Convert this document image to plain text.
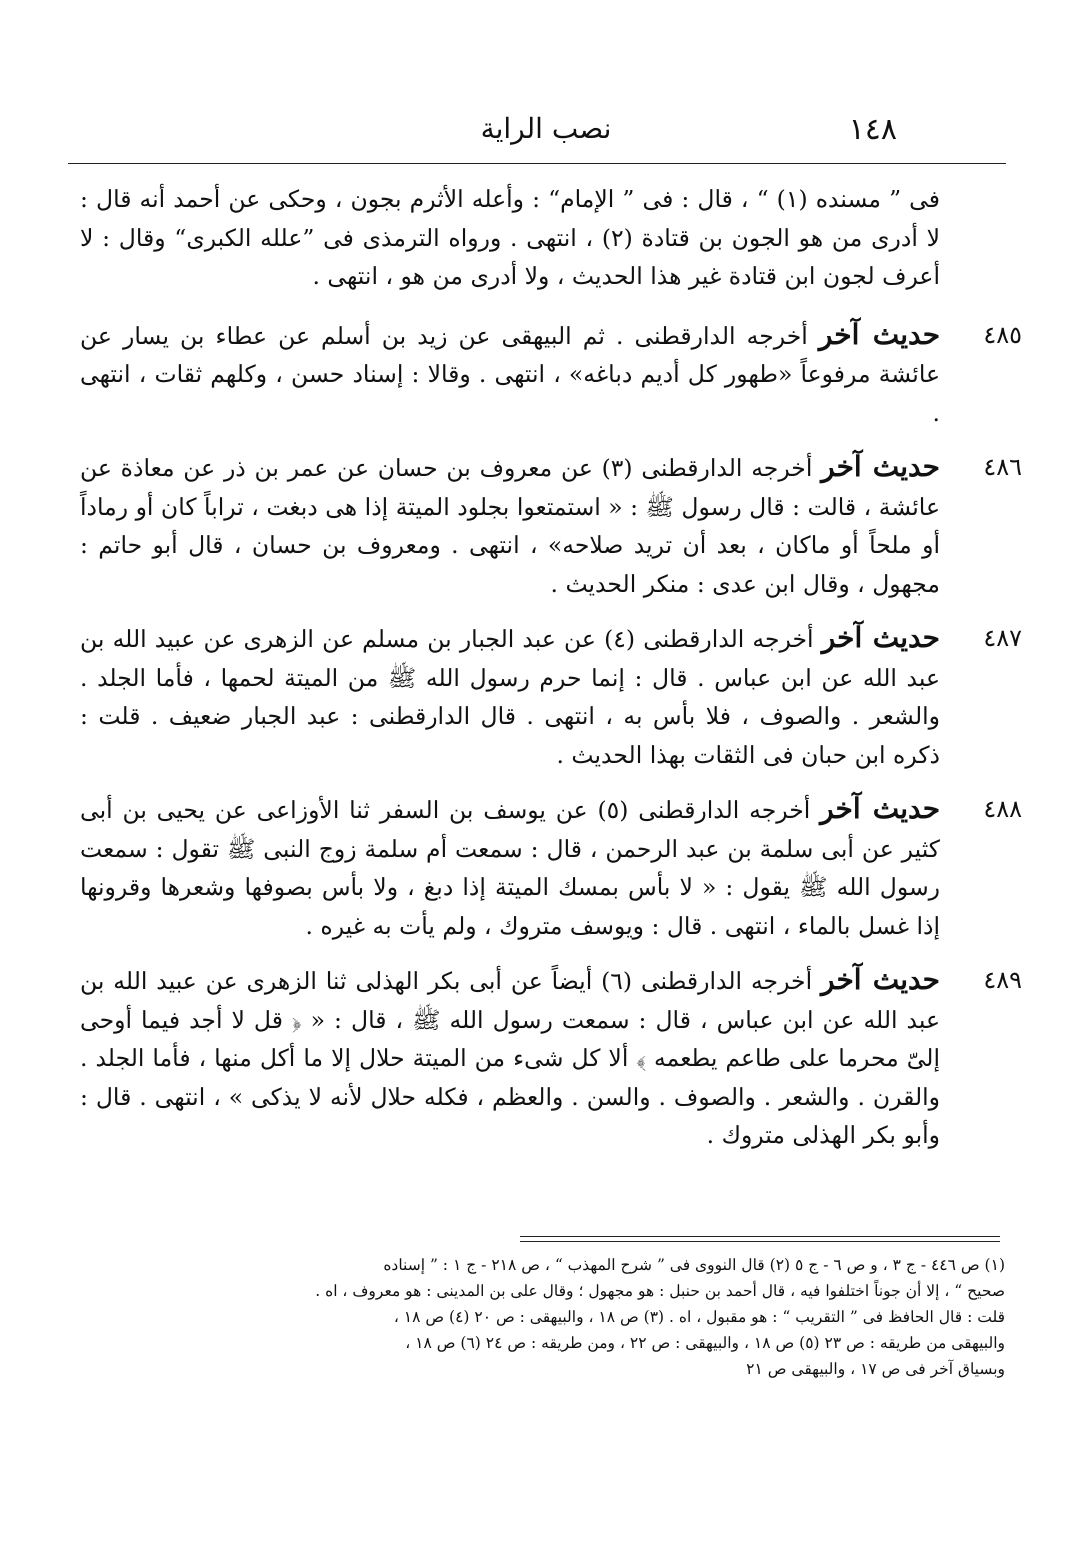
نصب الراية	١٤٨

فى ” مسنده (١) “ ، قال : فى ” الإمام“ : وأعله الأثرم بجون ، وحكى عن أحمد أنه قال : لا أدرى من هو الجون بن قتادة (٢) ، انتهى . ورواه الترمذى فى ”علله الكبرى“ وقال : لا أعرف لجون ابن قتادة غير هذا الحديث ، ولا أدرى من هو ، انتهى .

٤٨٥
حديث آخر أخرجه الدارقطنى . ثم البيهقى عن زيد بن أسلم عن عطاء بن يسار عن عائشة مرفوعاً «طهور كل أديم دباغه» ، انتهى . وقالا : إسناد حسن ، وكلهم ثقات ، انتهى .

٤٨٦
حديث آخر أخرجه الدارقطنى (٣) عن معروف بن حسان عن عمر بن ذر عن معاذة عن عائشة ، قالت : قال رسول ﷺ : « استمتعوا بجلود الميتة إذا هى دبغت ، تراباً كان أو رماداً أو ملحاً أو ماكان ، بعد أن تريد صلاحه» ، انتهى . ومعروف بن حسان ، قال أبو حاتم : مجهول ، وقال ابن عدى : منكر الحديث .

٤٨٧
حديث آخر أخرجه الدارقطنى (٤) عن عبد الجبار بن مسلم عن الزهرى عن عبيد الله بن عبد الله عن ابن عباس . قال : إنما حرم رسول الله ﷺ من الميتة لحمها ، فأما الجلد . والشعر . والصوف ، فلا بأس به ، انتهى . قال الدارقطنى : عبد الجبار ضعيف . قلت : ذكره ابن حبان فى الثقات بهذا الحديث .

٤٨٨
حديث آخر أخرجه الدارقطنى (٥) عن يوسف بن السفر ثنا الأوزاعى عن يحيى بن أبى كثير عن أبى سلمة بن عبد الرحمن ، قال : سمعت أم سلمة زوج النبى ﷺ تقول : سمعت رسول الله ﷺ يقول : « لا بأس بمسك الميتة إذا دبغ ، ولا بأس بصوفها وشعرها وقرونها إذا غسل بالماء ، انتهى . قال : ويوسف متروك ، ولم يأت به غيره .

٤٨٩
حديث آخر أخرجه الدارقطنى (٦) أيضاً عن أبى بكر الهذلى ثنا الزهرى عن عبيد الله بن عبد الله عن ابن عباس ، قال : سمعت رسول الله ﷺ ، قال : « ﴿ قل لا أجد فيما أوحى إلىّ محرما على طاعم يطعمه ﴾ ألا كل شىء من الميتة حلال إلا ما أكل منها ، فأما الجلد . والقرن . والشعر . والصوف . والسن . والعظم ، فكله حلال لأنه لا يذكى » ، انتهى . قال : وأبو بكر الهذلى متروك .

(١) ص ٤٤٦ - ج ٣ ، و ص ٦ - ج ٥ (٢) قال النووى فى ” شرح المهذب “ ، ص ٢١٨ - ج ١ : ” إسناده

صحيح “ ، إلا أن جوناً اختلفوا فيه ، قال أحمد بن حنبل : هو مجهول ؛ وقال على بن المدينى : هو معروف ، اه .

قلت : قال الحافظ فى ” التقريب “ : هو مقبول ، اه . (٣) ص ١٨ ، والبيهقى : ص ٢٠ (٤) ص ١٨ ،

والبيهقى من طريقه : ص ٢٣ (٥) ص ١٨ ، والبيهقى : ص ٢٢ ، ومن طريقه : ص ٢٤ (٦) ص ١٨ ،

وبسياق آخر فى ص ١٧ ، والبيهقى ص ٢١
